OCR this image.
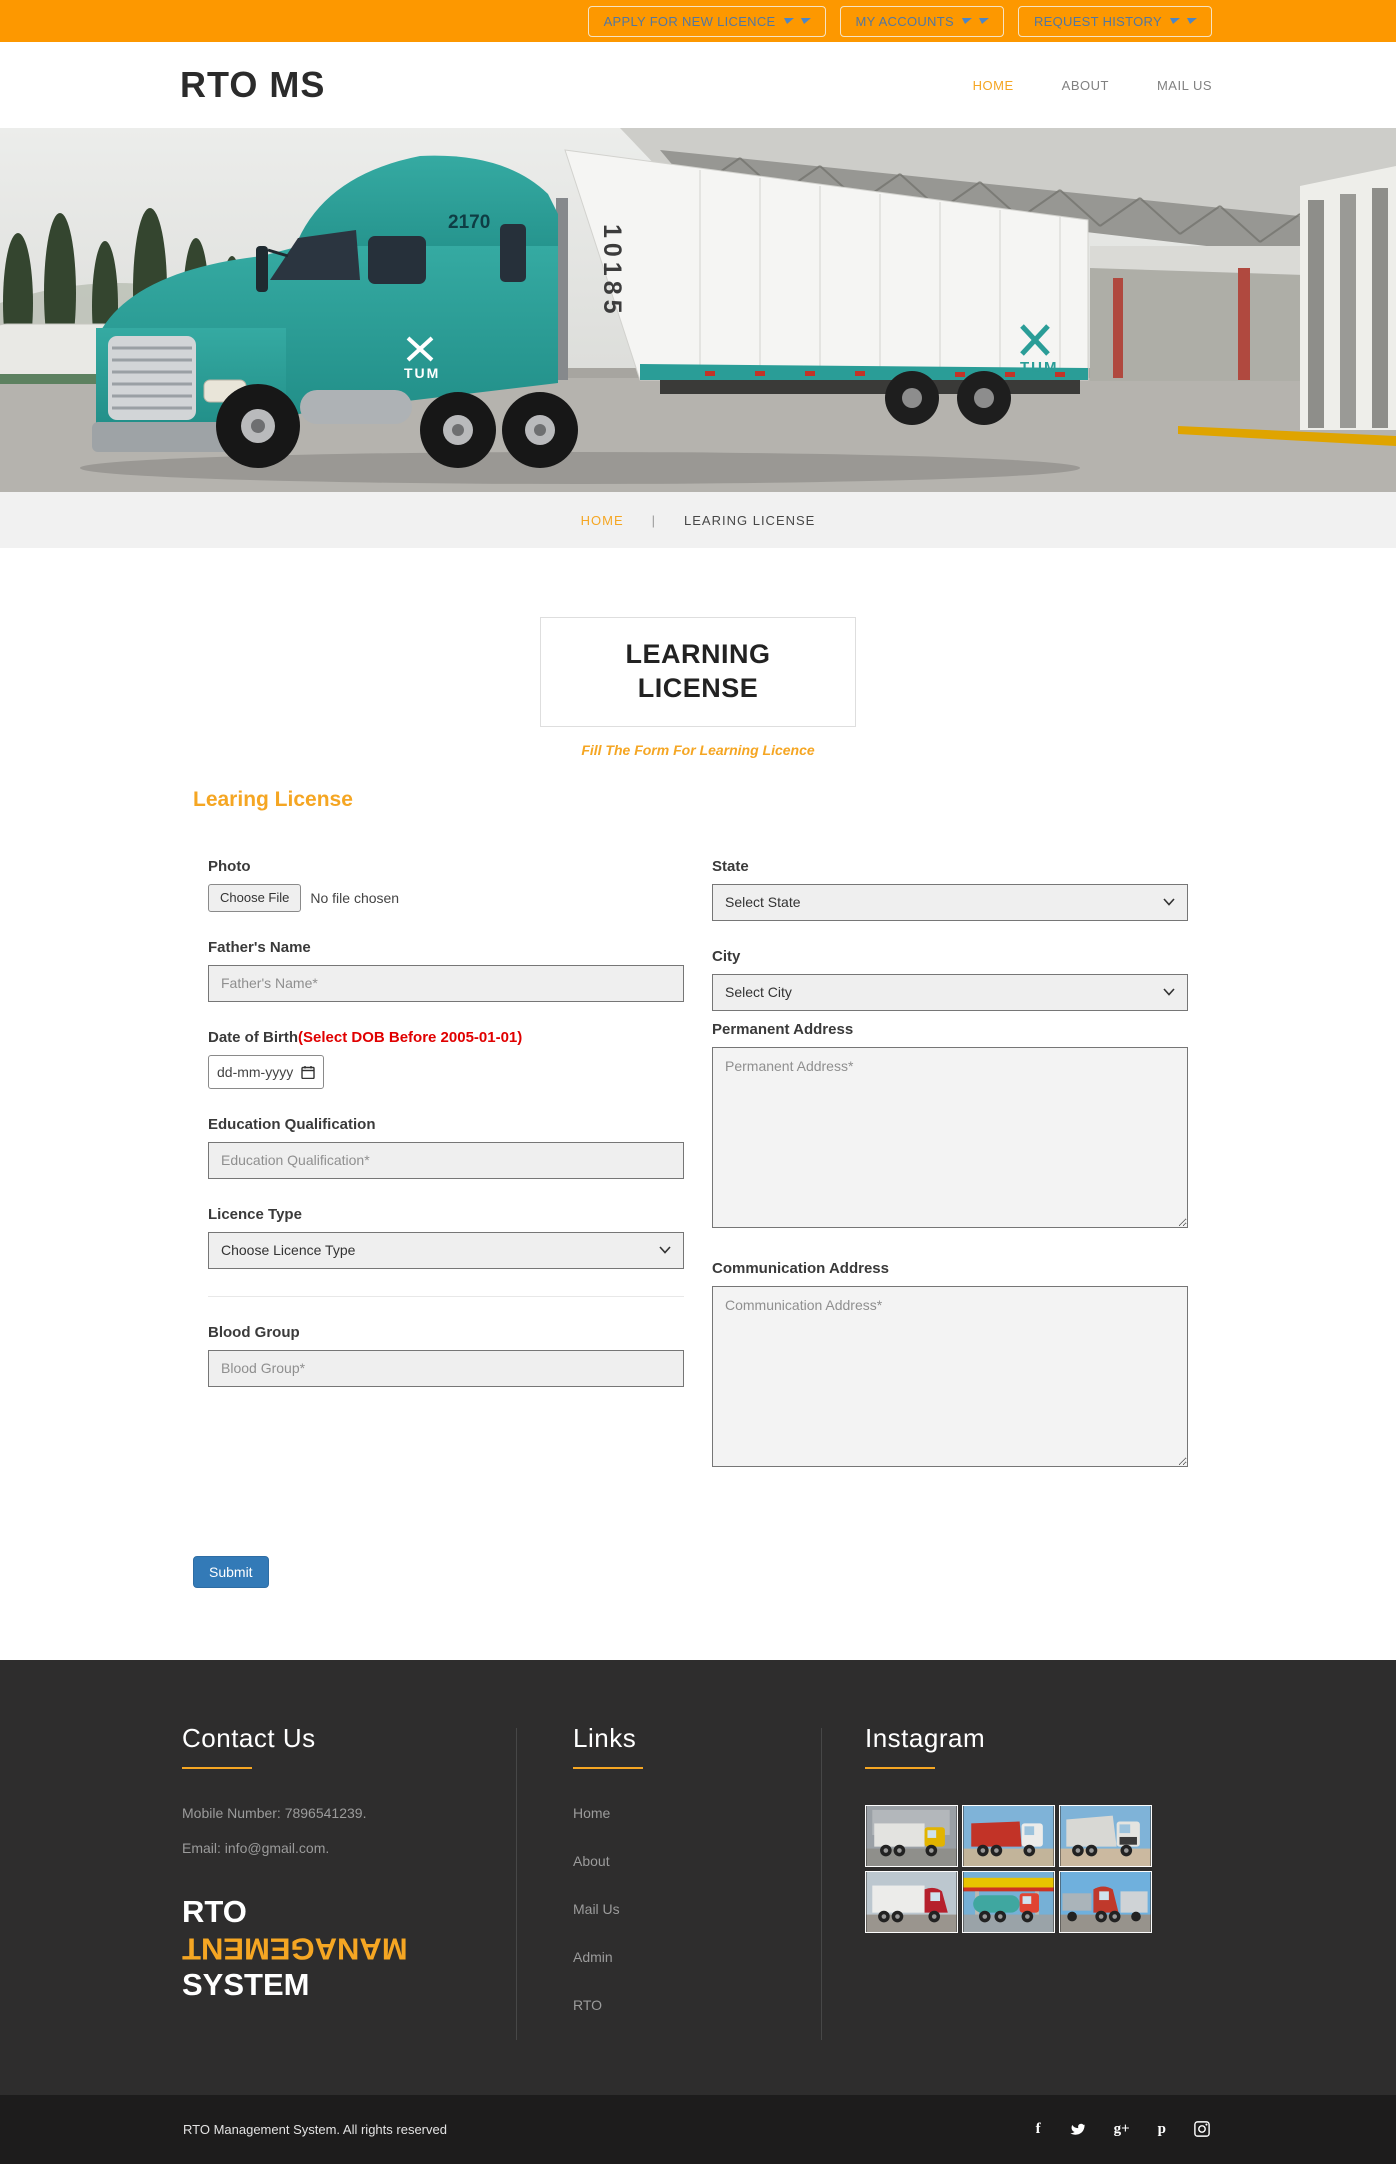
APPLY FOR NEW LICENCE	MY ACCOUNTS	REQUEST HISTORY
RTO MS	HOME	ABOUT	MAIL US
10185
TUM
TUM
2170
HOME | LEARING LICENSE
LEARNING
LICENSE
Fill The Form For Learning Licence
Learing License
Photo
Choose File	No file chosen
Father's Name
Father's Name*
Date of Birth(Select DOB Before 2005-01-01)
dd-mm-yyyy
Education Qualification
Education Qualification*
Licence Type
Choose Licence Type
Blood Group
Blood Group*
State
Select State
City
Select City
Permanent Address
Permanent Address*
Communication Address
Communication Address*
Submit
Contact Us

Mobile Number: 7896541239.

Email: info@gmail.com.

RTO
MANAGEMENT
SYSTEM
Links
Home
About
Mail Us
Admin
RTO
Instagram
RTO Management System. All rights reserved	f	g+ p
